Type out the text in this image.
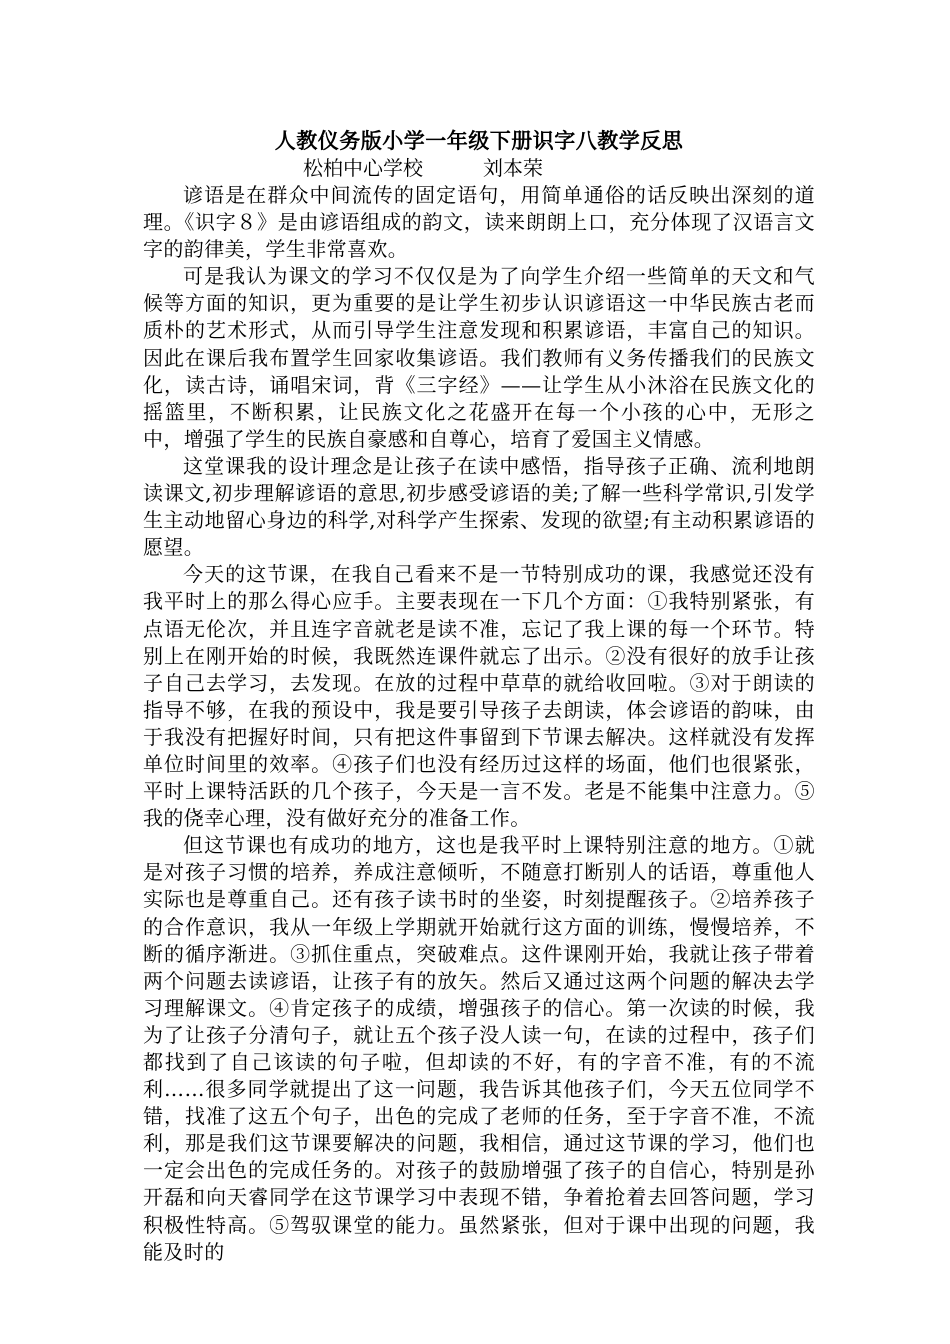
人教仪务版小学一年级下册识字八教学反思
松柏中心学校	刘本荣

谚语是在群众中间流传的固定语句，用简单通俗的话反映出深刻的道理。《识字８》是由谚语组成的韵文，读来朗朗上口，充分体现了汉语言文字的韵律美，学生非常喜欢。

可是我认为课文的学习不仅仅是为了向学生介绍一些简单的天文和气候等方面的知识，更为重要的是让学生初步认识谚语这一中华民族古老而质朴的艺术形式，从而引导学生注意发现和积累谚语，丰富自己的知识。因此在课后我布置学生回家收集谚语。我们教师有义务传播我们的民族文化，读古诗，诵唱宋词，背《三字经》——让学生从小沐浴在民族文化的摇篮里，不断积累，让民族文化之花盛开在每一个小孩的心中，无形之中，增强了学生的民族自豪感和自尊心，培育了爱国主义情感。

这堂课我的设计理念是让孩子在读中感悟，指导孩子正确、流利地朗读课文,初步理解谚语的意思,初步感受谚语的美;了解一些科学常识,引发学生主动地留心身边的科学,对科学产生探索、发现的欲望;有主动积累谚语的愿望。

今天的这节课，在我自己看来不是一节特别成功的课，我感觉还没有我平时上的那么得心应手。主要表现在一下几个方面：①我特别紧张，有点语无伦次，并且连字音就老是读不准，忘记了我上课的每一个环节。特别上在刚开始的时候，我既然连课件就忘了出示。②没有很好的放手让孩子自己去学习，去发现。在放的过程中草草的就给收回啦。③对于朗读的指导不够，在我的预设中，我是要引导孩子去朗读，体会谚语的韵味，由于我没有把握好时间，只有把这件事留到下节课去解决。这样就没有发挥单位时间里的效率。④孩子们也没有经历过这样的场面，他们也很紧张，平时上课特活跃的几个孩子，今天是一言不发。老是不能集中注意力。⑤我的侥幸心理，没有做好充分的准备工作。

但这节课也有成功的地方，这也是我平时上课特别注意的地方。①就是对孩子习惯的培养，养成注意倾听，不随意打断别人的话语，尊重他人实际也是尊重自己。还有孩子读书时的坐姿，时刻提醒孩子。②培养孩子的合作意识，我从一年级上学期就开始就行这方面的训练，慢慢培养，不断的循序渐进。③抓住重点，突破难点。这件课刚开始，我就让孩子带着两个问题去读谚语，让孩子有的放矢。然后又通过这两个问题的解决去学习理解课文。④肯定孩子的成绩，增强孩子的信心。第一次读的时候，我为了让孩子分清句子，就让五个孩子没人读一句，在读的过程中，孩子们都找到了自己该读的句子啦，但却读的不好，有的字音不准，有的不流利……很多同学就提出了这一问题，我告诉其他孩子们，今天五位同学不错，找准了这五个句子，出色的完成了老师的任务，至于字音不准，不流利，那是我们这节课要解决的问题，我相信，通过这节课的学习，他们也一定会出色的完成任务的。对孩子的鼓励增强了孩子的自信心，特别是孙开磊和向天睿同学在这节课学习中表现不错，争着抢着去回答问题，学习积极性特高。⑤驾驭课堂的能力。虽然紧张，但对于课中出现的问题，我能及时的
